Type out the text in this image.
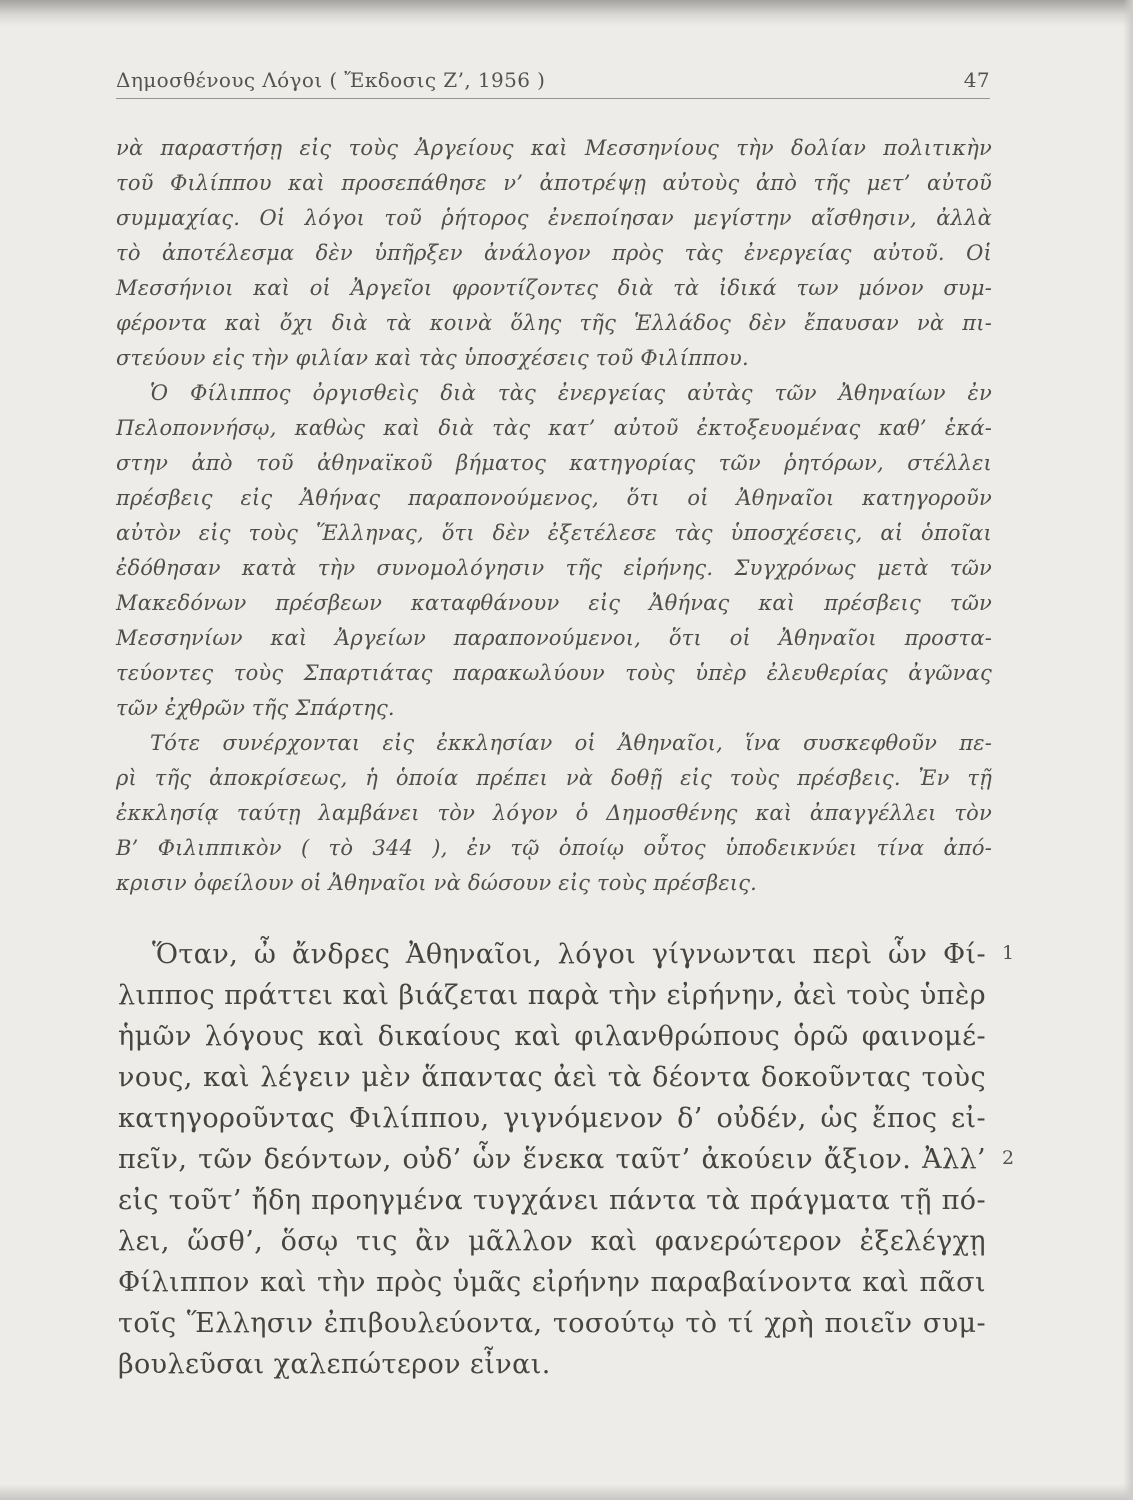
Δημοσθένους Λόγοι ( Ἔκδοσις Ζ’, 1956 )	47

νὰ παραστήσῃ εἰς τοὺς Ἀργείους καὶ Μεσσηνίους τὴν δολίαν πολιτικὴν
τοῦ Φιλίππου καὶ προσεπάθησε ν’ ἀποτρέψῃ αὐτοὺς ἀπὸ τῆς μετ’ αὐτοῦ
συμμαχίας. Οἱ λόγοι τοῦ ῥήτορος ἐνεποίησαν μεγίστην αἴσθησιν, ἀλλὰ
τὸ ἀποτέλεσμα δὲν ὑπῆρξεν ἀνάλογον πρὸς τὰς ἐνεργείας αὐτοῦ. Οἱ
Μεσσήνιοι καὶ οἱ Ἀργεῖοι φροντίζοντες διὰ τὰ ἰδικά των μόνον συμ-
φέροντα καὶ ὄχι διὰ τὰ κοινὰ ὅλης τῆς Ἑλλάδος δὲν ἔπαυσαν νὰ πι-
στεύουν εἰς τὴν φιλίαν καὶ τὰς ὑποσχέσεις τοῦ Φιλίππου.

Ὁ Φίλιππος ὀργισθεὶς διὰ τὰς ἐνεργείας αὐτὰς τῶν Ἀθηναίων ἐν
Πελοποννήσῳ, καθὼς καὶ διὰ τὰς κατ’ αὐτοῦ ἐκτοξευομένας καθ’ ἑκά-
στην ἀπὸ τοῦ ἀθηναϊκοῦ βήματος κατηγορίας τῶν ῥητόρων, στέλλει
πρέσβεις εἰς Ἀθήνας παραπονούμενος, ὅτι οἱ Ἀθηναῖοι κατηγοροῦν
αὐτὸν εἰς τοὺς Ἕλληνας, ὅτι δὲν ἐξετέλεσε τὰς ὑποσχέσεις, αἱ ὁποῖαι
ἐδόθησαν κατὰ τὴν συνομολόγησιν τῆς εἰρήνης. Συγχρόνως μετὰ τῶν
Μακεδόνων πρέσβεων καταφθάνουν εἰς Ἀθήνας καὶ πρέσβεις τῶν
Μεσσηνίων καὶ Ἀργείων παραπονούμενοι, ὅτι οἱ Ἀθηναῖοι προστα-
τεύοντες τοὺς Σπαρτιάτας παρακωλύουν τοὺς ὑπὲρ ἐλευθερίας ἀγῶνας
τῶν ἐχθρῶν τῆς Σπάρτης.

Τότε συνέρχονται εἰς ἐκκλησίαν οἱ Ἀθηναῖοι, ἵνα συσκεφθοῦν πε-
ρὶ τῆς ἀποκρίσεως, ἡ ὁποία πρέπει νὰ δοθῇ εἰς τοὺς πρέσβεις. Ἐν τῇ
ἐκκλησίᾳ ταύτῃ λαμβάνει τὸν λόγον ὁ Δημοσθένης καὶ ἀπαγγέλλει τὸν
Β’ Φιλιππικὸν ( τὸ 344 ), ἐν τῷ ὁποίῳ οὗτος ὑποδεικνύει τίνα ἀπό-
κρισιν ὀφείλουν οἱ Ἀθηναῖοι νὰ δώσουν εἰς τοὺς πρέσβεις.

Ὅταν, ὦ ἄνδρες Ἀθηναῖοι, λόγοι γίγνωνται περὶ ὧν Φί-
λιππος πράττει καὶ βιάζεται παρὰ τὴν εἰρήνην, ἀεὶ τοὺς ὑπὲρ
ἡμῶν λόγους καὶ δικαίους καὶ φιλανθρώπους ὁρῶ φαινομέ-
νους, καὶ λέγειν μὲν ἅπαντας ἀεὶ τὰ δέοντα δοκοῦντας τοὺς
κατηγοροῦντας Φιλίππου, γιγνόμενον δ’ οὐδέν, ὡς ἔπος εἰ-
πεῖν, τῶν δεόντων, οὐδ’ ὧν ἕνεκα ταῦτ’ ἀκούειν ἄξιον. Ἀλλ’
εἰς τοῦτ’ ἤδη προηγμένα τυγχάνει πάντα τὰ πράγματα τῇ πό-
λει, ὥσθ’, ὅσῳ τις ἂν μᾶλλον καὶ φανερώτερον ἐξελέγχῃ
Φίλιππον καὶ τὴν πρὸς ὑμᾶς εἰρήνην παραβαίνοντα καὶ πᾶσι
τοῖς Ἕλλησιν ἐπιβουλεύοντα, τοσούτῳ τὸ τί χρὴ ποιεῖν συμ-
βουλεῦσαι χαλεπώτερον εἶναι.

1
2
